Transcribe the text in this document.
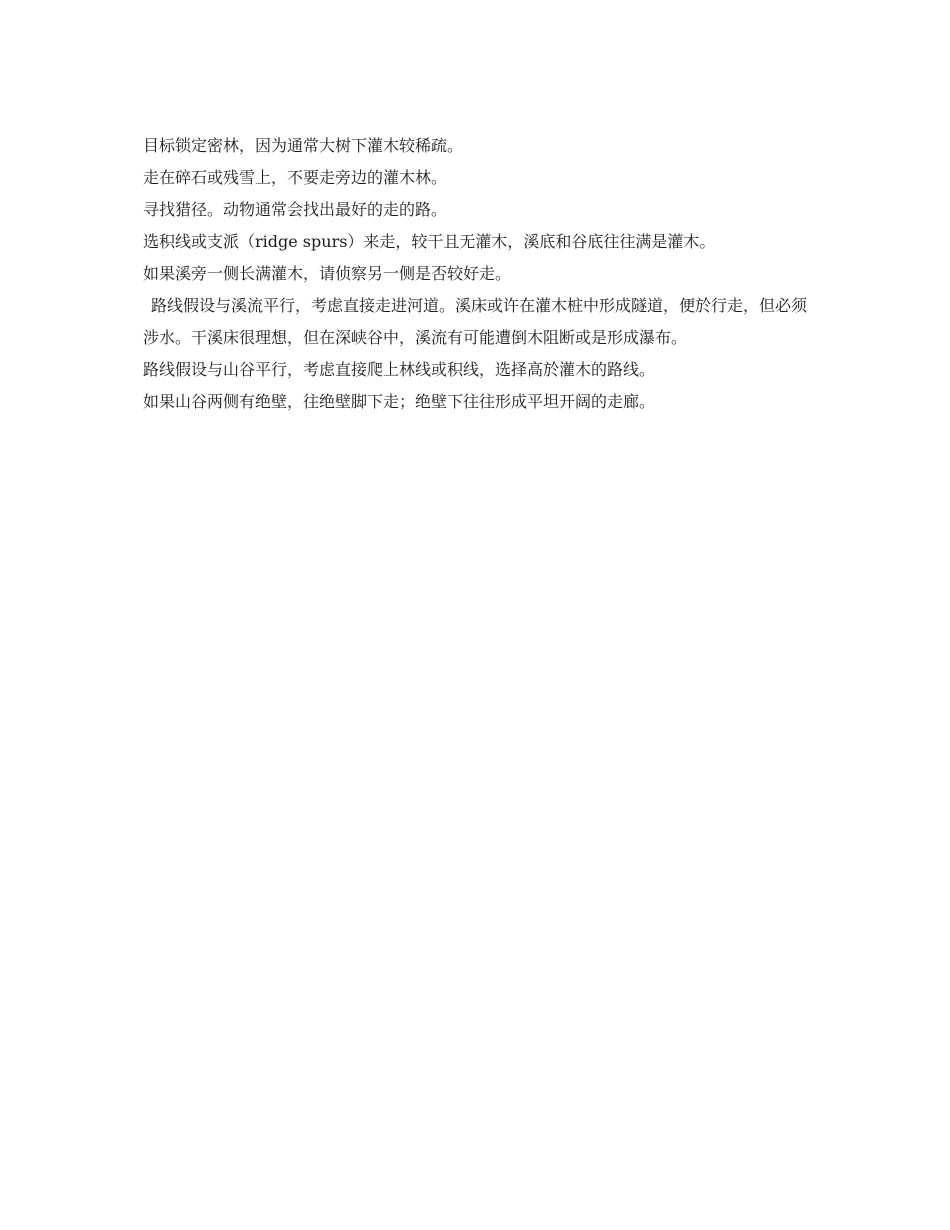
目标锁定密林，因为通常大树下灌木较稀疏。

走在碎石或残雪上，不要走旁边的灌木林。

寻找猎径。动物通常会找出最好的走的路。

选积线或支派（ridge spurs）来走，较干且无灌木，溪底和谷底往往满是灌木。

如果溪旁一侧长满灌木，请侦察另一侧是否较好走。

路线假设与溪流平行，考虑直接走进河道。溪床或许在灌木桩中形成隧道，便於行走，但必须涉水。干溪床很理想，但在深峡谷中，溪流有可能遭倒木阻断或是形成瀑布。

路线假设与山谷平行，考虑直接爬上林线或积线，选择高於灌木的路线。

如果山谷两侧有绝壁，往绝壁脚下走；绝壁下往往形成平坦开阔的走廊。
